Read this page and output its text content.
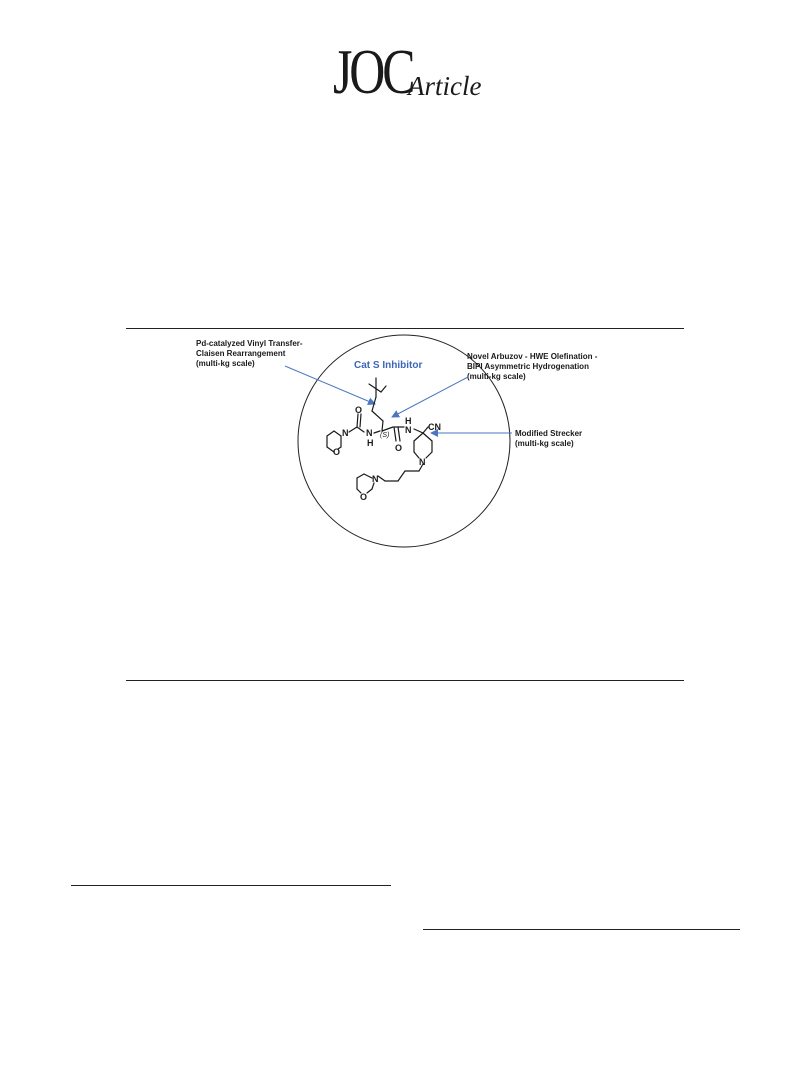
JOC
Article
Cat S Inhibitor
Pd-catalyzed Vinyl Transfer-
Claisen Rearrangement
(multi-kg scale)
Novel Arbuzov - HWE Olefination -
BIPI Asymmetric Hydrogenation
(multi-kg scale)
Modified Strecker
(multi-kg scale)
O
N
O
N
H
(S)
O
N
H
CN
N
N
O
